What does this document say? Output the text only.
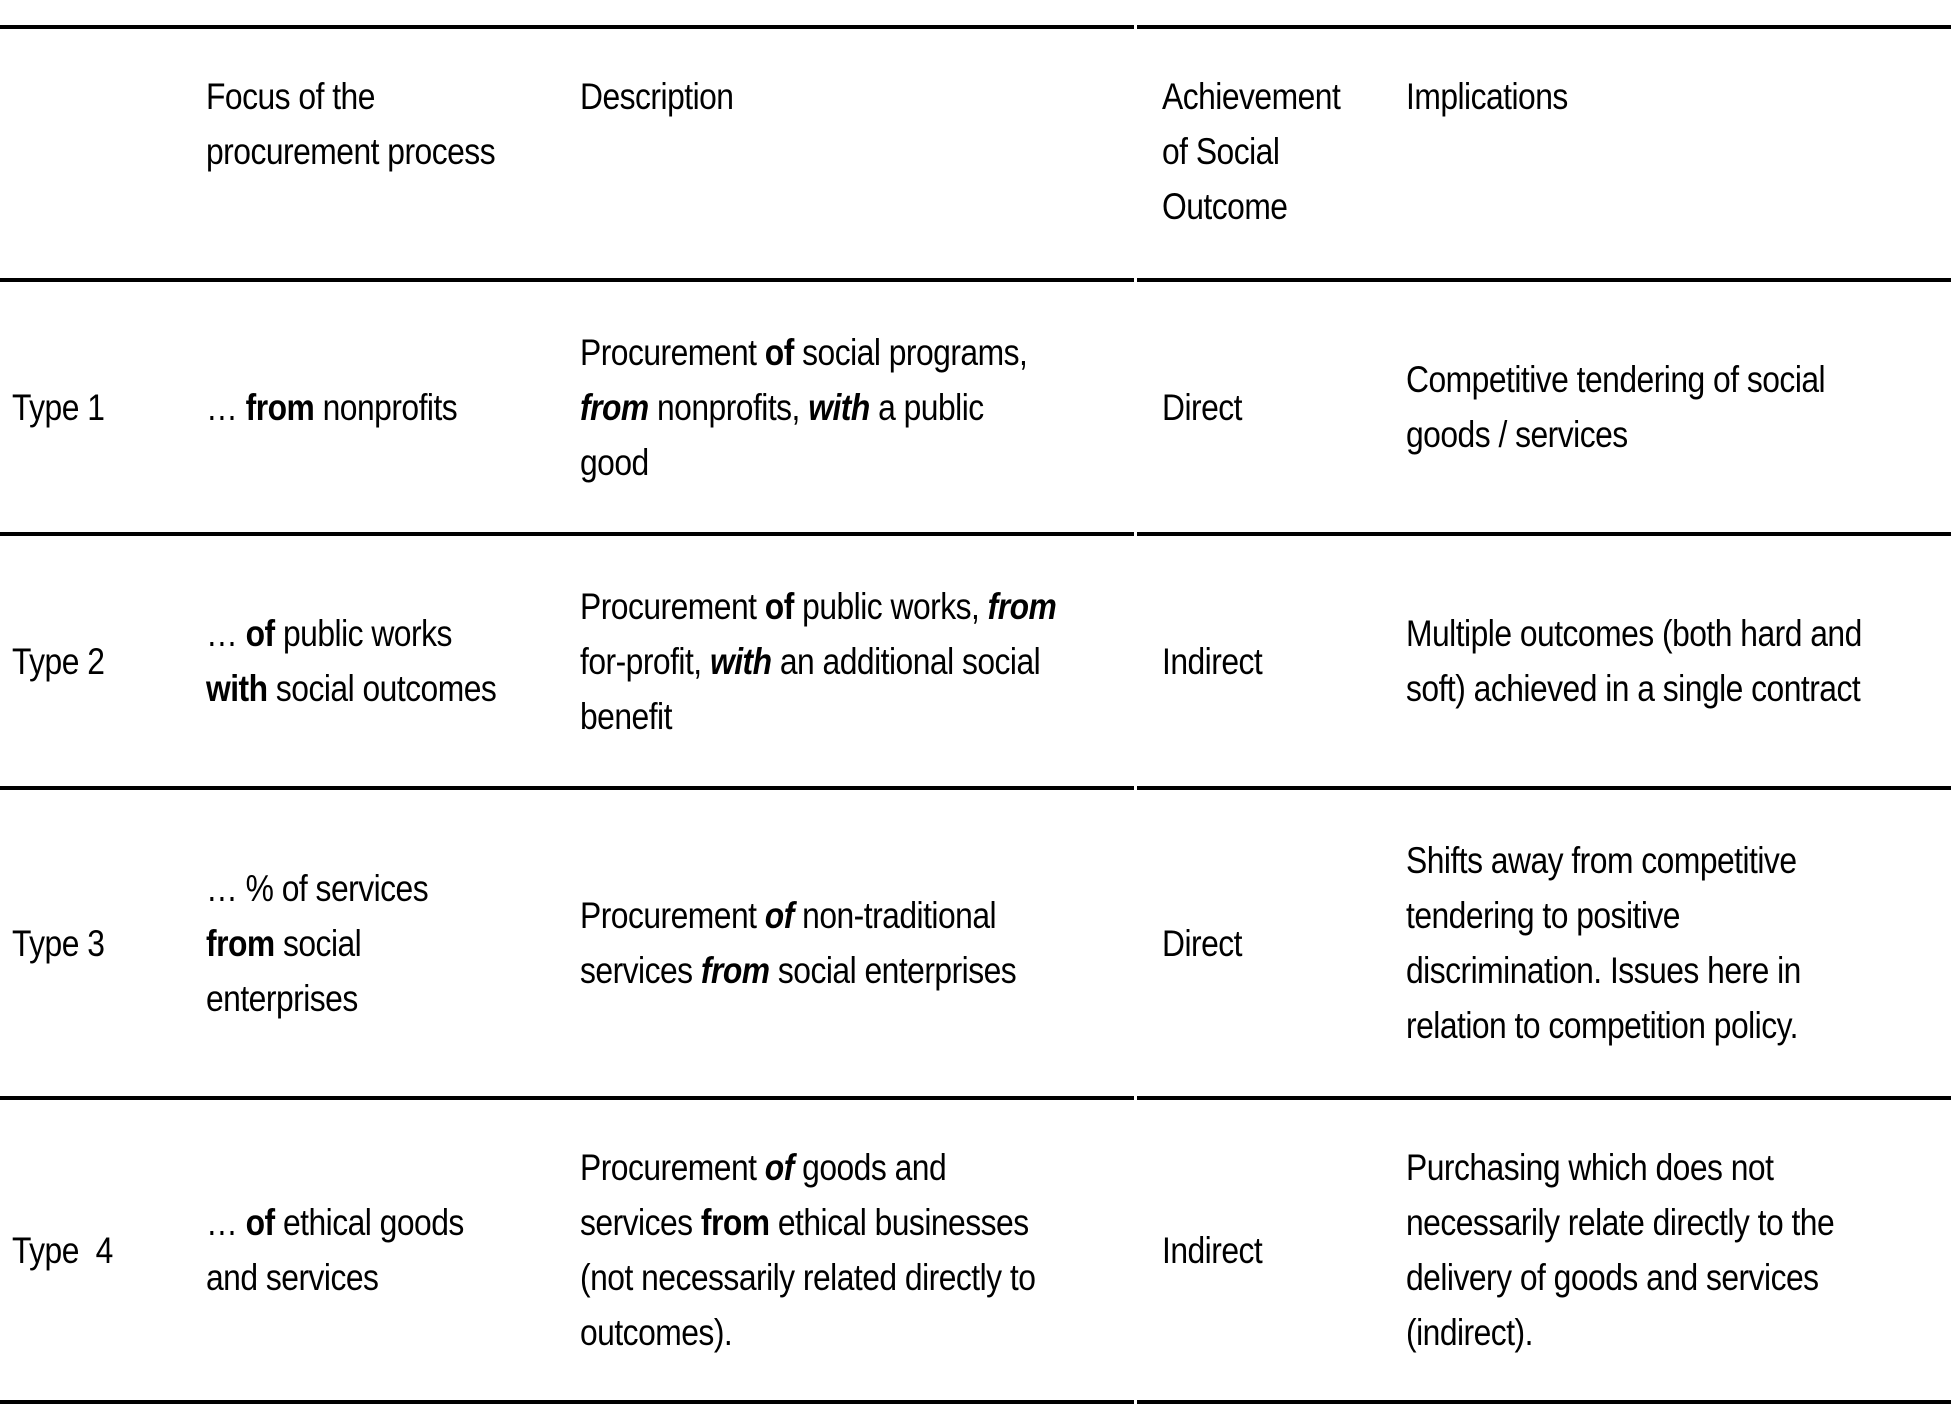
Focus of the
procurement process
Description	Achievement
of Social
Outcome
Implications
Type 1	… from nonprofits
Procurement of social programs,
from nonprofits, with a public
good
Direct
Competitive tendering of social
goods / services
Type 2
… of public works
with social outcomes
Procurement of public works, from
for-profit, with an additional social
benefit
Indirect
Multiple outcomes (both hard and
soft) achieved in a single contract
Type 3
… % of services
from social
enterprises
Procurement of non-traditional
services from social enterprises
Direct
Shifts away from competitive
tendering to positive
discrimination. Issues here in
relation to competition policy.
Type  4
… of ethical goods
and services
Procurement of goods and
services from ethical businesses
(not necessarily related directly to
outcomes).
Indirect
Purchasing which does not
necessarily relate directly to the
delivery of goods and services
(indirect).
